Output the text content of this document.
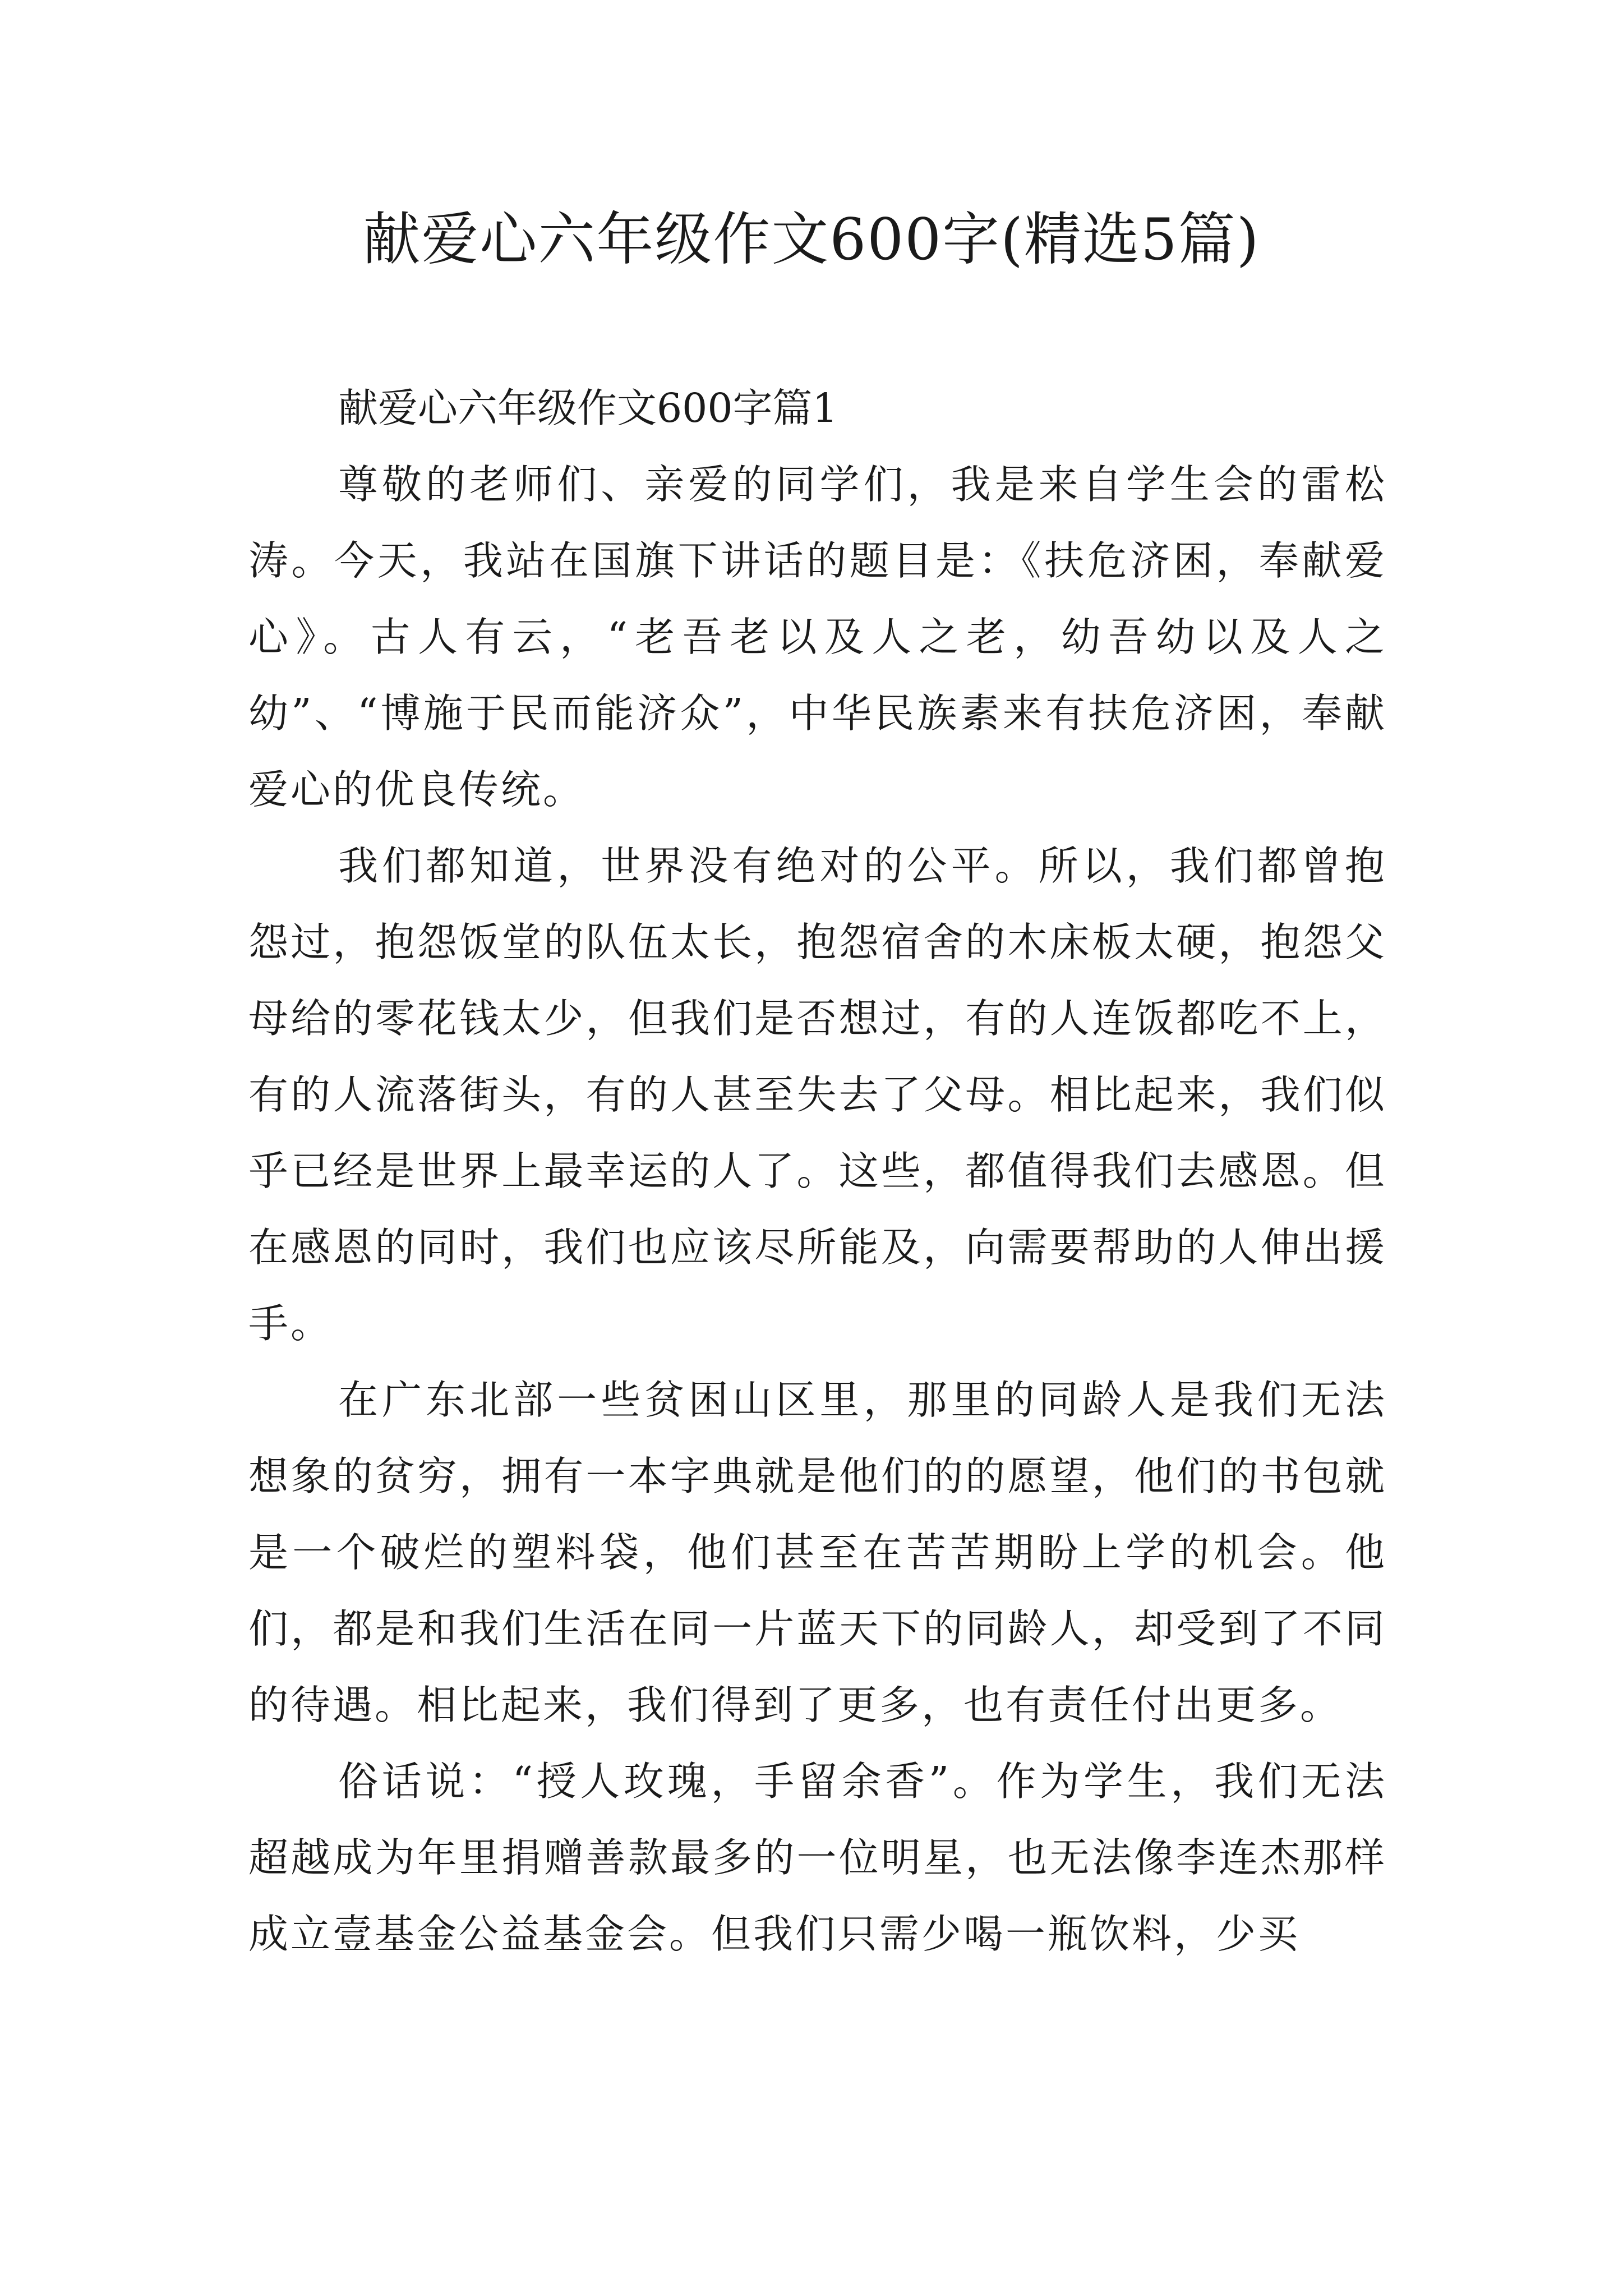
献爱心六年级作文600字(精选5篇)

献爱心六年级作文600字篇1

尊敬的老师们、亲爱的同学们，我是来自学生会的雷松涛。今天，我站在国旗下讲话的题目是：《扶危济困，奉献爱心》。古人有云，“老吾老以及人之老，幼吾幼以及人之幼”、“博施于民而能济众”，中华民族素来有扶危济困，奉献爱心的优良传统。

我们都知道，世界没有绝对的公平。所以，我们都曾抱怨过，抱怨饭堂的队伍太长，抱怨宿舍的木床板太硬，抱怨父母给的零花钱太少，但我们是否想过，有的人连饭都吃不上，有的人流落街头，有的人甚至失去了父母。相比起来，我们似乎已经是世界上最幸运的人了。这些，都值得我们去感恩。但在感恩的同时，我们也应该尽所能及，向需要帮助的人伸出援手。

在广东北部一些贫困山区里，那里的同龄人是我们无法想象的贫穷，拥有一本字典就是他们的的愿望，他们的书包就是一个破烂的塑料袋，他们甚至在苦苦期盼上学的机会。他们，都是和我们生活在同一片蓝天下的同龄人，却受到了不同的待遇。相比起来，我们得到了更多，也有责任付出更多。

俗话说：“授人玫瑰，手留余香”。作为学生，我们无法超越成为年里捐赠善款最多的一位明星，也无法像李连杰那样成立壹基金公益基金会。但我们只需少喝一瓶饮料，少买
